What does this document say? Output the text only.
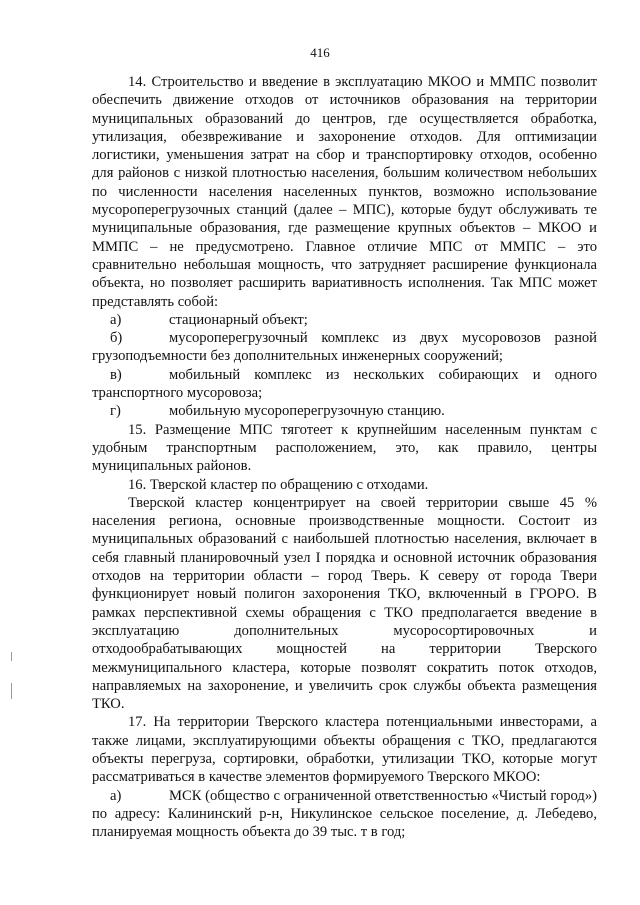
416

14. Строительство и введение в эксплуатацию МКОО и ММПС позволит обеспечить движение отходов от источников образования на территории муниципальных образований до центров, где осуществляется обработка, утилизация, обезвреживание и захоронение отходов. Для оптимизации логистики, уменьшения затрат на сбор и транспортировку отходов, особенно для районов с низкой плотностью населения, большим количеством небольших по численности населения населенных пунктов, возможно использование мусороперегрузочных станций (далее – МПС), которые будут обслуживать те муниципальные образования, где размещение крупных объектов – МКОО и ММПС – не предусмотрено. Главное отличие МПС от ММПС – это сравнительно небольшая мощность, что затрудняет расширение функционала объекта, но позволяет расширить вариативность исполнения. Так МПС может представлять собой:

а)	стационарный объект;

б)	мусороперегрузочный комплекс из двух мусоровозов разной грузоподъемности без дополнительных инженерных сооружений;

в)	мобильный комплекс из нескольких собирающих и одного транспортного мусоровоза;

г)	мобильную мусороперегрузочную станцию.

15. Размещение МПС тяготеет к крупнейшим населенным пунктам с удобным транспортным расположением, это, как правило, центры муниципальных районов.

16. Тверской кластер по обращению с отходами.

Тверской кластер концентрирует на своей территории свыше 45 % населения региона, основные производственные мощности. Состоит из муниципальных образований с наибольшей плотностью населения, включает в себя главный планировочный узел I порядка и основной источник образования отходов на территории области – город Тверь. К северу от города Твери функционирует новый полигон захоронения ТКО, включенный в ГРОРО. В рамках перспективной схемы обращения с ТКО предполагается введение в эксплуатацию дополнительных мусоросортировочных и отходообрабатывающих мощностей на территории Тверского межмуниципального кластера, которые позволят сократить поток отходов, направляемых на захоронение, и увеличить срок службы объекта размещения ТКО.

17. На территории Тверского кластера потенциальными инвесторами, а также лицами, эксплуатирующими объекты обращения с ТКО, предлагаются объекты перегруза, сортировки, обработки, утилизации ТКО, которые могут рассматриваться в качестве элементов формируемого Тверского МКОО:

а)	МСК (общество с ограниченной ответственностью «Чистый город») по адресу: Калининский р-н, Никулинское сельское поселение, д. Лебедево, планируемая мощность объекта до 39 тыс. т в год;
